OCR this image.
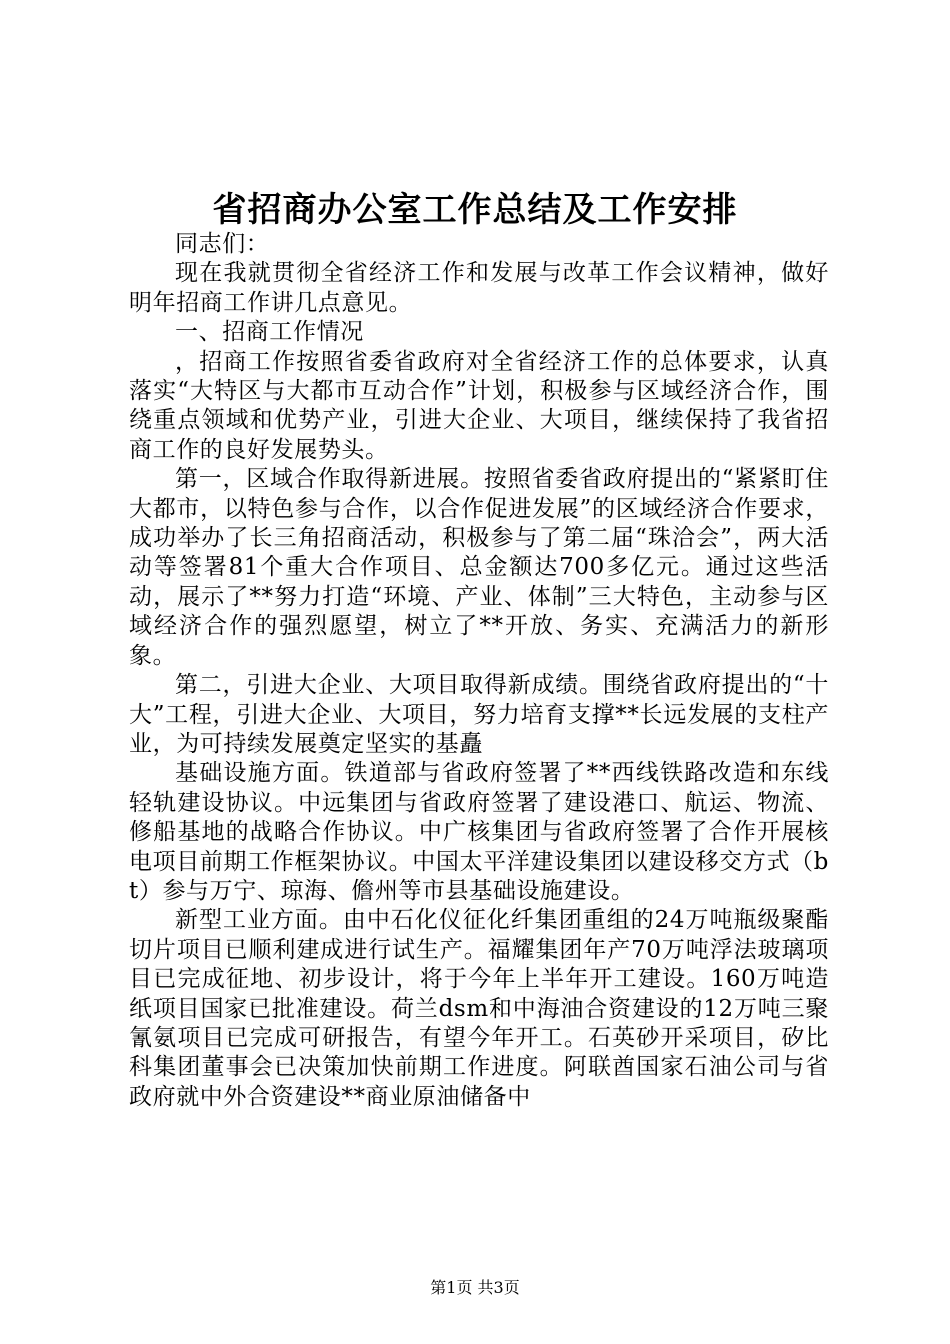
省招商办公室工作总结及工作安排

同志们：

现在我就贯彻全省经济工作和发展与改革工作会议精神，做好明年招商工作讲几点意见。

一、招商工作情况

，招商工作按照省委省政府对全省经济工作的总体要求，认真落实“大特区与大都市互动合作”计划，积极参与区域经济合作，围绕重点领域和优势产业，引进大企业、大项目，继续保持了我省招商工作的良好发展势头。

第一，区域合作取得新进展。按照省委省政府提出的“紧紧盯住大都市，以特色参与合作，以合作促进发展”的区域经济合作要求，成功举办了长三角招商活动，积极参与了第二届“珠洽会”，两大活动等签署81个重大合作项目、总金额达700多亿元。通过这些活动，展示了**努力打造“环境、产业、体制”三大特色，主动参与区域经济合作的强烈愿望，树立了**开放、务实、充满活力的新形象。

第二，引进大企业、大项目取得新成绩。围绕省政府提出的“十大”工程，引进大企业、大项目，努力培育支撑**长远发展的支柱产业，为可持续发展奠定坚实的基矗

基础设施方面。铁道部与省政府签署了**西线铁路改造和东线轻轨建设协议。中远集团与省政府签署了建设港口、航运、物流、修船基地的战略合作协议。中广核集团与省政府签署了合作开展核电项目前期工作框架协议。中国太平洋建设集团以建设移交方式（bt）参与万宁、琼海、儋州等市县基础设施建设。

新型工业方面。由中石化仪征化纤集团重组的24万吨瓶级聚酯切片项目已顺利建成进行试生产。福耀集团年产70万吨浮法玻璃项目已完成征地、初步设计，将于今年上半年开工建设。160万吨造纸项目国家已批准建设。荷兰dsm和中海油合资建设的12万吨三聚氰氨项目已完成可研报告，有望今年开工。石英砂开采项目，矽比科集团董事会已决策加快前期工作进度。阿联酋国家石油公司与省政府就中外合资建设**商业原油储备中

第1页 共3页
